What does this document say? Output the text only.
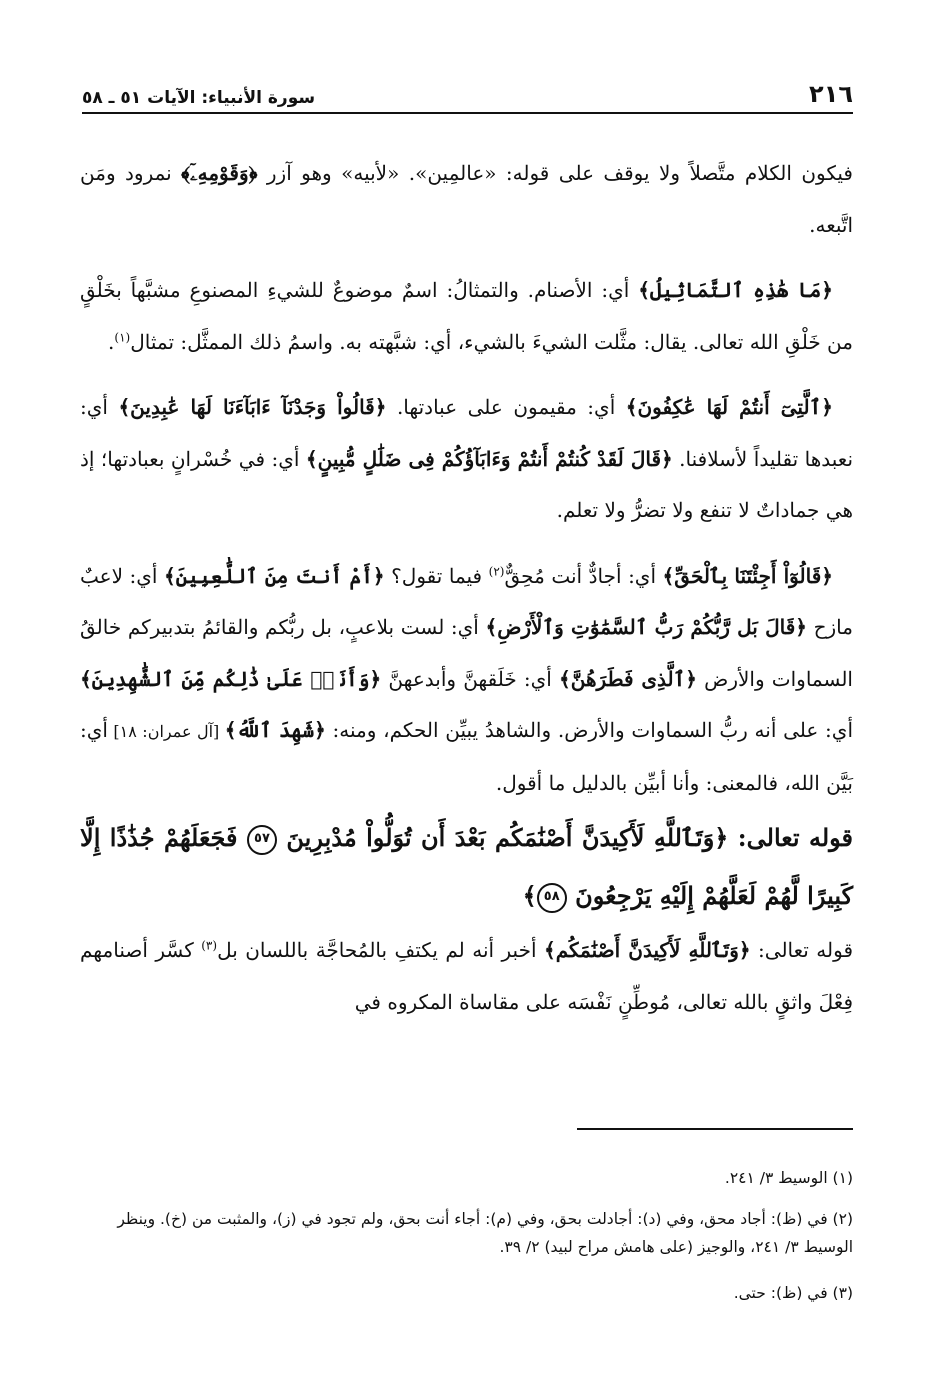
٢١٦
سورة الأنبياء: الآيات ٥١ ـ ٥٨

فيكون الكلام متَّصلاً ولا يوقف على قوله: «عالمِين». «لأبيه» وهو آزر ﴿وَقَوْمِهِۦٓ﴾ نمرود ومَن اتَّبعه.

﴿مَا هَٰذِهِ ٱلتَّمَاثِيلُ﴾ أي: الأصنام. والتمثالُ: اسمٌ موضوعٌ للشيءِ المصنوعِ مشبَّهاً بخَلْقٍ من خَلْقِ الله تعالى. يقال: مثَّلت الشيءَ بالشيء، أي: شبَّهته به. واسمُ ذلك الممثَّل: تمثال$^{(١)}$.

﴿ٱلَّتِىٓ أَنتُمْ لَهَا عَٰكِفُونَ﴾ أي: مقيمون على عبادتها. ﴿قَالُواْ وَجَدْنَآ ءَابَآءَنَا لَهَا عَٰبِدِينَ﴾ أي: نعبدها تقليداً لأسلافنا. ﴿قَالَ لَقَدْ كُنتُمْ أَنتُمْ وَءَابَآؤُكُمْ فِى ضَلَٰلٍ مُّبِينٍ﴾ أي: في خُسْرانٍ بعبادتها؛ إذ هي جماداتٌ لا تنفع ولا تضرُّ ولا تعلم.

﴿قَالُوٓاْ أَجِئْتَنَا بِٱلْحَقِّ﴾ أي: أجادٌّ أنت مُحِقٌّ$^{(٢)}$ فيما تقول؟ ﴿أَمْ أَنتَ مِنَ ٱللَّٰعِبِينَ﴾ أي: لاعبٌ مازح ﴿قَالَ بَل رَّبُّكُمْ رَبُّ ٱلسَّمَٰوَٰتِ وَٱلْأَرْضِ﴾ أي: لست بلاعبٍ، بل ربُّكم والقائمُ بتدبيركم خالقُ السماوات والأرض ﴿ٱلَّذِى فَطَرَهُنَّ﴾ أي: خَلَقهنَّ وأبدعهنَّ ﴿وَأَنَا۠ عَلَىٰ ذَٰلِكُم مِّنَ ٱلشَّٰهِدِينَ﴾ أي: على أنه ربُّ السماوات والأرض. والشاهدُ يبيِّن الحكم، ومنه: ﴿شَهِدَ ٱللَّهُ﴾ [آل عمران: ١٨] أي: بَيَّن الله، فالمعنى: وأنا أبيِّن بالدليل ما أقول.

قوله تعالى: ﴿وَتَٱللَّهِ لَأَكِيدَنَّ أَصْنَٰمَكُم بَعْدَ أَن تُوَلُّواْ مُدْبِرِينَ ٥٧ فَجَعَلَهُمْ جُذَٰذًا إِلَّا كَبِيرًا لَّهُمْ لَعَلَّهُمْ إِلَيْهِ يَرْجِعُونَ ٥٨﴾

قوله تعالى: ﴿وَتَٱللَّهِ لَأَكِيدَنَّ أَصْنَٰمَكُم﴾ أخبر أنه لم يكتفِ بالمُحاجَّة باللسان بل$^{(٣)}$ كسَّر أصنامهم فِعْلَ واثقٍ بالله تعالى، مُوطِّنٍ نَفْسَه على مقاساة المكروه في

(١) الوسيط ٣/ ٢٤١.

(٢) في (ظ): أجاد محق، وفي (د): أجادلت بحق، وفي (م): أجاء أنت بحق، ولم تجود في (ز)، والمثبت من (خ). وينظر الوسيط ٣/ ٢٤١، والوجيز (على هامش مراح لبيد) ٢/ ٣٩.

(٣) في (ظ): حتى.
